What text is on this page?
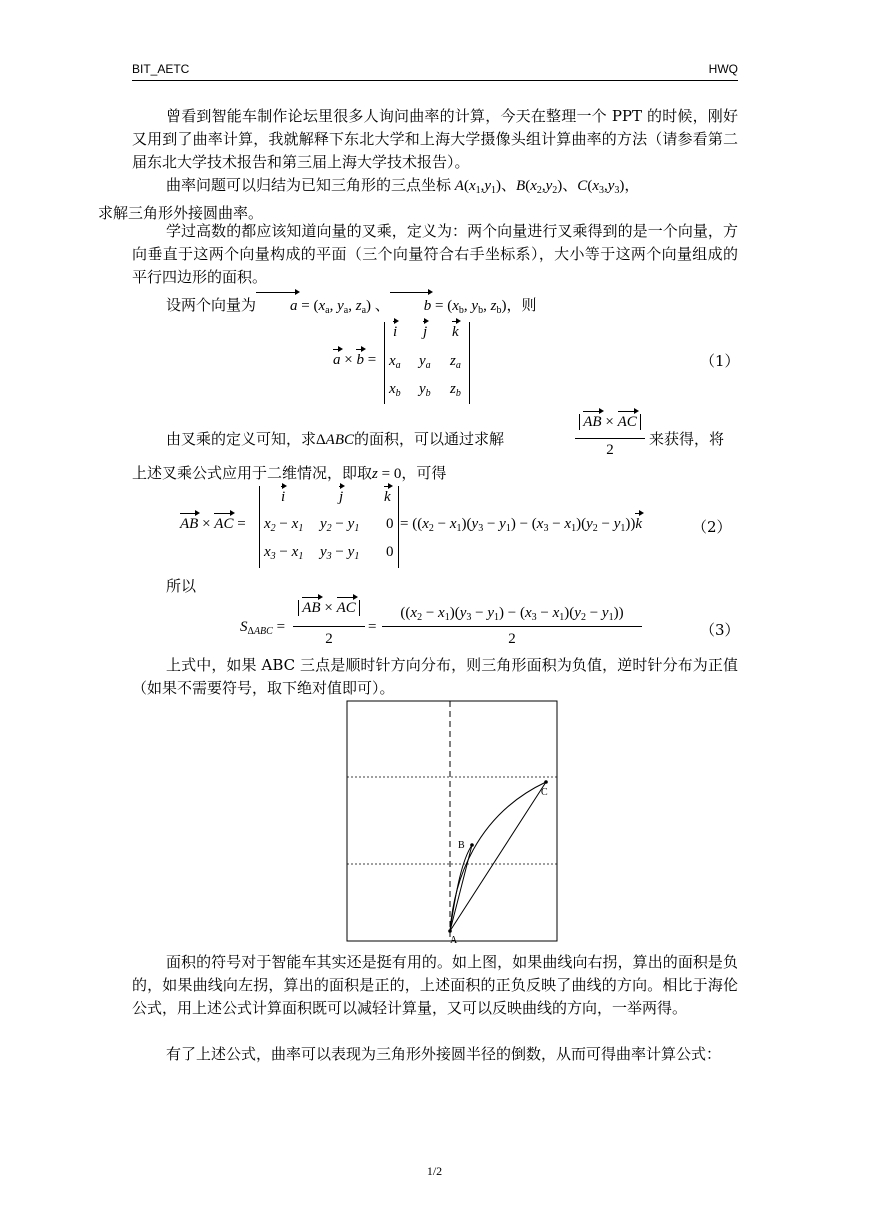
BIT_AETC	HWQ
曾看到智能车制作论坛里很多人询问曲率的计算，今天在整理一个 PPT 的时候，刚好又用到了曲率计算，我就解释下东北大学和上海大学摄像头组计算曲率的方法（请参看第二届东北大学技术报告和第三届上海大学技术报告）。
曲率问题可以归结为已知三角形的三点坐标 $A(x_1,y_1)$、$B(x_2,y_2)$、$C(x_3,y_3)$，
求解三角形外接圆曲率。
学过高数的都应该知道向量的叉乘，定义为：两个向量进行叉乘得到的是一个向量，方向垂直于这两个向量构成的平面（三个向量符合右手坐标系），大小等于这两个向量组成的平行四边形的面积。
设两个向量为 $a = (x_a$, $y_a$, $z_a$) 、 $b = (x_b$, $y_b$, $z_b$)，则
a × b =
i j k
$x_a$ $y_a$ $z_a$
$x_b$ $y_b$ $z_b$
（1）
由叉乘的定义可知，求ΔABC的面积，可以通过求解
AB × AC
2
来获得，将
上述叉乘公式应用于二维情况，即取z = 0，可得
AB × AC =
i	j	k
$x_2 - x_1$ $y_2 - y_1$ 0
$x_3 - x_1$ $y_3 - y_1$ 0
= $((x_2 - x_1)(y_3 - y_1) - (x_3 - x_1)(y_2 - y_1))k$	（2）
所以
$S_{\Delta ABC}$ =
AB × AC
2
=
$((x_2 - x_1)(y_3 - y_1) - (x_3 - x_1)(y_2 - y_1))$
2	（3）
上式中，如果 ABC 三点是顺时针方向分布，则三角形面积为负值，逆时针分布为正值（如果不需要符号，取下绝对值即可）。
A
B
C
面积的符号对于智能车其实还是挺有用的。如上图，如果曲线向右拐，算出的面积是负的，如果曲线向左拐，算出的面积是正的，上述面积的正负反映了曲线的方向。相比于海伦公式，用上述公式计算面积既可以减轻计算量，又可以反映曲线的方向，一举两得。
有了上述公式，曲率可以表现为三角形外接圆半径的倒数，从而可得曲率计算公式：
1/2
